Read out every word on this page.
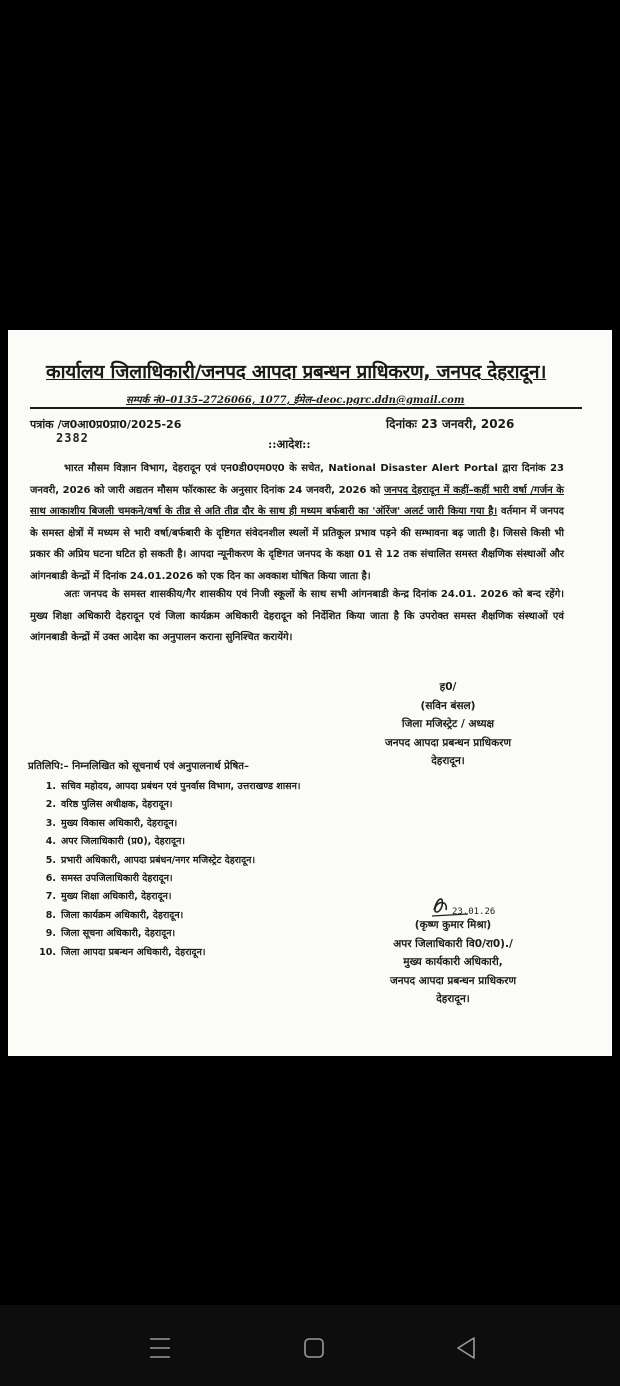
कार्यालय जिलाधिकारी/जनपद आपदा प्रबन्धन प्राधिकरण, जनपद देहरादून।
सम्पर्क नं0–0135–2726066, 1077, ईमेल–deoc.pgrc.ddn@gmail.com
पत्रांक /ज0आ0प्र0प्रा0/2025-26
2382
दिनांकः 23 जनवरी, 2026
::आदेश::
भारत मौसम विज्ञान विभाग, देहरादून एवं एन0डी0एम0ए0 के सचेत, National Disaster Alert Portal द्वारा दिनांक 23 जनवरी, 2026 को जारी अद्यतन मौसम फॉरकास्ट के अनुसार दिनांक 24 जनवरी, 2026 को जनपद देहरादून में कहीं–कहीं भारी वर्षा /गर्जन के साथ आकाशीय बिजली चमकने/वर्षा के तीव्र से अति तीव्र दौर के साथ ही मध्यम बर्फबारी का 'ऑरेंज' अलर्ट जारी किया गया है। वर्तमान में जनपद के समस्त क्षेत्रों में मध्यम से भारी वर्षा/बर्फबारी के दृष्टिगत संवेदनशील स्थलों में प्रतिकूल प्रभाव पड़ने की सम्भावना बढ़ जाती है। जिससे किसी भी प्रकार की अप्रिय घटना घटित हो सकती है। आपदा न्यूनीकरण के दृष्टिगत जनपद के कक्षा 01 से 12 तक संचालित समस्त शैक्षणिक संस्थाओं और आंगनबाडी केन्द्रों में दिनांक 24.01.2026 को एक दिन का अवकाश घोषित किया जाता है।
अतः जनपद के समस्त शासकीय/गैर शासकीय एवं निजी स्कूलों के साथ सभी आंगनबाडी केन्द्र दिनांक 24.01. 2026 को बन्द रहेंगे। मुख्य शिक्षा अधिकारी देहरादून एवं जिला कार्यक्रम अधिकारी देहरादून को निर्देशित किया जाता है कि उपरोक्त समस्त शैक्षणिक संस्थाओं एवं आंगनबाडी केन्द्रों में उक्त आदेश का अनुपालन कराना सुनिश्चित करायेंगे।
ह0/
(सविन बंसल)
जिला मजिस्ट्रेट / अध्यक्ष
जनपद आपदा प्रबन्धन प्राधिकरण
देहरादून।
प्रतिलिपि:– निम्नलिखित को सूचनार्थ एवं अनुपालनार्थ प्रेषित–
1. सचिव महोदय, आपदा प्रबंधन एवं पुनर्वास विभाग, उत्तराखण्ड शासन।
2. वरिष्ठ पुलिस अधीक्षक, देहरादून।
3. मुख्य विकास अधिकारी, देहरादून।
4. अपर जिलाधिकारी (प्र0), देहरादून।
5. प्रभारी अधिकारी, आपदा प्रबंधन/नगर मजिस्ट्रेट देहरादून।
6. समस्त उपजिलाधिकारी देहरादून।
7. मुख्य शिक्षा अधिकारी, देहरादून।
8. जिला कार्यक्रम अधिकारी, देहरादून।
9. जिला सूचना अधिकारी, देहरादून।
10. जिला आपदा प्रबन्धन अधिकारी, देहरादून।
23.01.26
(कृष्ण कुमार मिश्रा)
अपर जिलाधिकारी वि0/रा0)./
मुख्य कार्यकारी अधिकारी,
जनपद आपदा प्रबन्धन प्राधिकरण
देहरादून।
